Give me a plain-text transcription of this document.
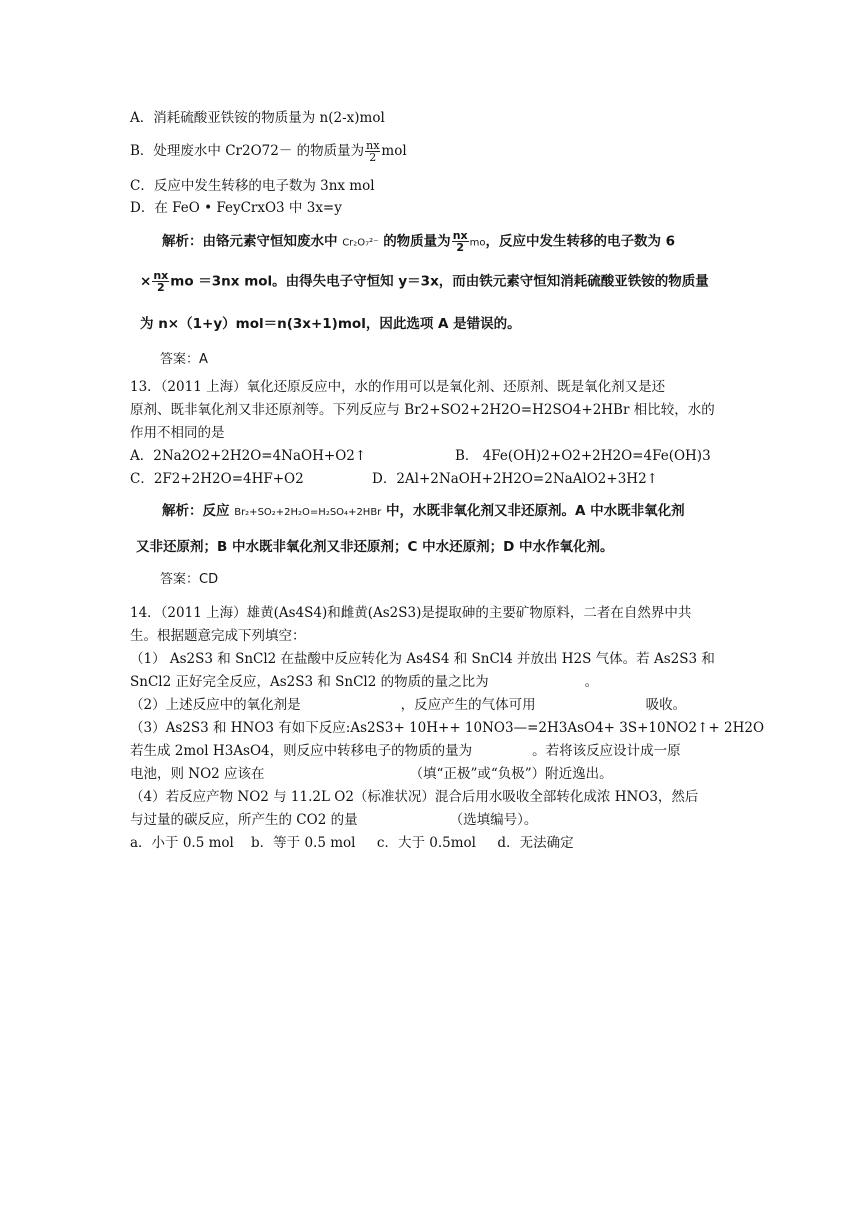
A．消耗硫酸亚铁铵的物质量为 n(2-x)mol
B．处理废水中 Cr2O72－ 的物质量为 $\frac{nx}{2}$ mol
C．反应中发生转移的电子数为 3nx mol
D．在 FeO • FeyCrxO3 中 3x=y
解析：由铬元素守恒知废水中 Cr₂O₇²⁻ 的物质量为 $\frac{nx}{2}$ mo，反应中发生转移的电子数为 6
× $\frac{nx}{2}$ mo ＝3nx mol。由得失电子守恒知 y＝3x，而由铁元素守恒知消耗硫酸亚铁铵的物质量
为 n×（1+y）mol＝n(3x+1)mol，因此选项 A 是错误的。
答案：A
13．（2011 上海）氧化还原反应中，水的作用可以是氧化剂、还原剂、既是氧化剂又是还
原剂、既非氧化剂又非还原剂等。下列反应与 Br2+SO2+2H2O=H2SO4+2HBr 相比较，水的
作用不相同的是
A．2Na2O2+2H2O=4NaOH+O2↑	B． 4Fe(OH)2+O2+2H2O=4Fe(OH)3
C．2F2+2H2O=4HF+O2	D．2Al+2NaOH+2H2O=2NaAlO2+3H2↑
解析：反应 Br₂+SO₂+2H₂O=H₂SO₄+2HBr 中，水既非氧化剂又非还原剂。A 中水既非氧化剂
又非还原剂；B 中水既非氧化剂又非还原剂；C 中水还原剂；D 中水作氧化剂。
答案：CD
14．（2011 上海）雄黄(As4S4)和雌黄(As2S3)是提取砷的主要矿物原料，二者在自然界中共
生。根据题意完成下列填空：
（1） As2S3 和 SnCl2 在盐酸中反应转化为 As4S4 和 SnCl4 并放出 H2S 气体。若 As2S3 和
SnCl2 正好完全反应，As2S3 和 SnCl2 的物质的量之比为	。
（2）上述反应中的氧化剂是	，反应产生的气体可用	吸收。
（3）As2S3 和 HNO3 有如下反应:As2S3+ 10H++ 10NO3—=2H3AsO4+ 3S+10NO2↑+ 2H2O
若生成 2mol H3AsO4，则反应中转移电子的物质的量为	。若将该反应设计成一原
电池，则 NO2 应该在	（填“正极”或“负极”）附近逸出。
（4）若反应产物 NO2 与 11.2L O2（标准状况）混合后用水吸收全部转化成浓 HNO3，然后
与过量的碳反应，所产生的 CO2 的量	（选填编号）。
a．小于 0.5 mol    b．等于 0.5 mol     c．大于 0.5mol     d．无法确定
